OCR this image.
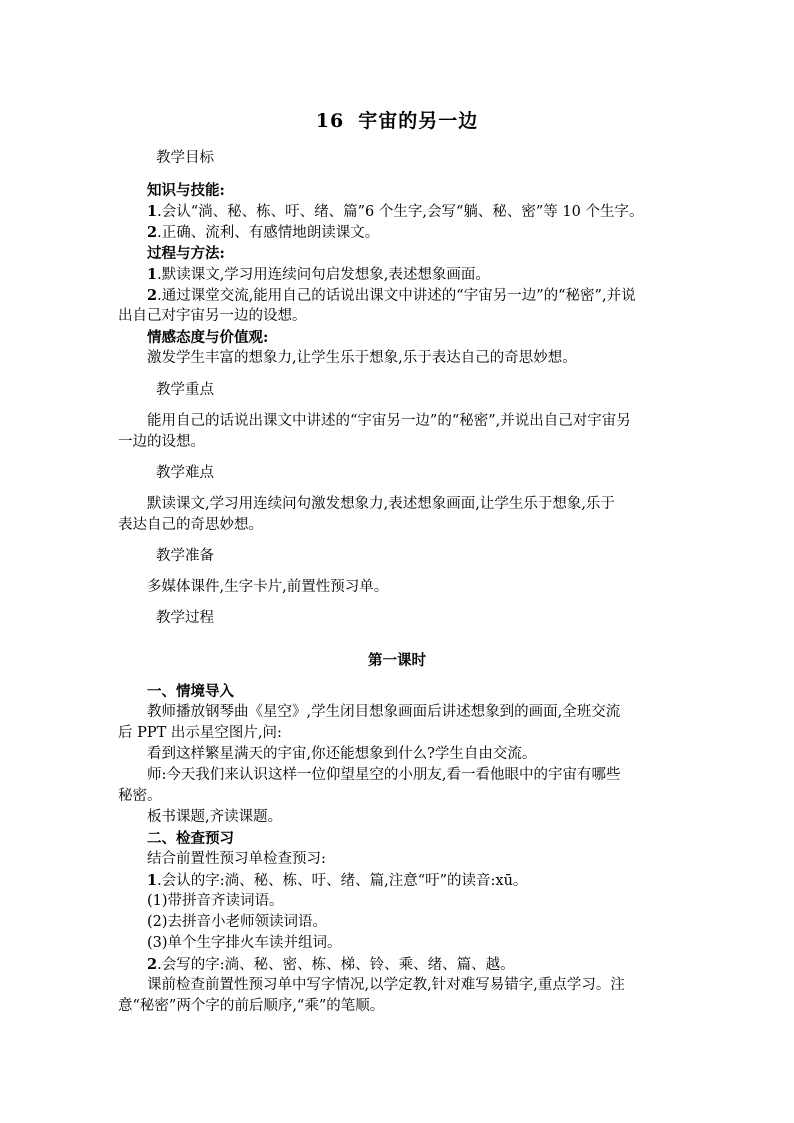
16 宇宙的另一边
教学目标
知识与技能:
1.会认“淌、秘、栋、吁、绪、篇”6 个生字,会写“躺、秘、密”等 10 个生字。
2.正确、流利、有感情地朗读课文。
过程与方法:
1.默读课文,学习用连续问句启发想象,表述想象画面。
2.通过课堂交流,能用自己的话说出课文中讲述的“宇宙另一边”的“秘密”,并说
出自己对宇宙另一边的设想。
情感态度与价值观:
激发学生丰富的想象力,让学生乐于想象,乐于表达自己的奇思妙想。
教学重点
能用自己的话说出课文中讲述的“宇宙另一边”的“秘密”,并说出自己对宇宙另
一边的设想。
教学难点
默读课文,学习用连续问句激发想象力,表述想象画面,让学生乐于想象,乐于
表达自己的奇思妙想。
教学准备
多媒体课件,生字卡片,前置性预习单。
教学过程
第一课时
一、情境导入
教师播放钢琴曲《星空》,学生闭目想象画面后讲述想象到的画面,全班交流
后 PPT 出示星空图片,问:
看到这样繁星满天的宇宙,你还能想象到什么?学生自由交流。
师:今天我们来认识这样一位仰望星空的小朋友,看一看他眼中的宇宙有哪些
秘密。
板书课题,齐读课题。
二、检查预习
结合前置性预习单检查预习:
1.会认的字:淌、秘、栋、吁、绪、篇,注意“吁”的读音:xū。
(1)带拼音齐读词语。
(2)去拼音小老师领读词语。
(3)单个生字排火车读并组词。
2.会写的字:淌、秘、密、栋、梯、铃、乘、绪、篇、越。
课前检查前置性预习单中写字情况,以学定教,针对难写易错字,重点学习。注
意“秘密”两个字的前后顺序,“乘”的笔顺。
